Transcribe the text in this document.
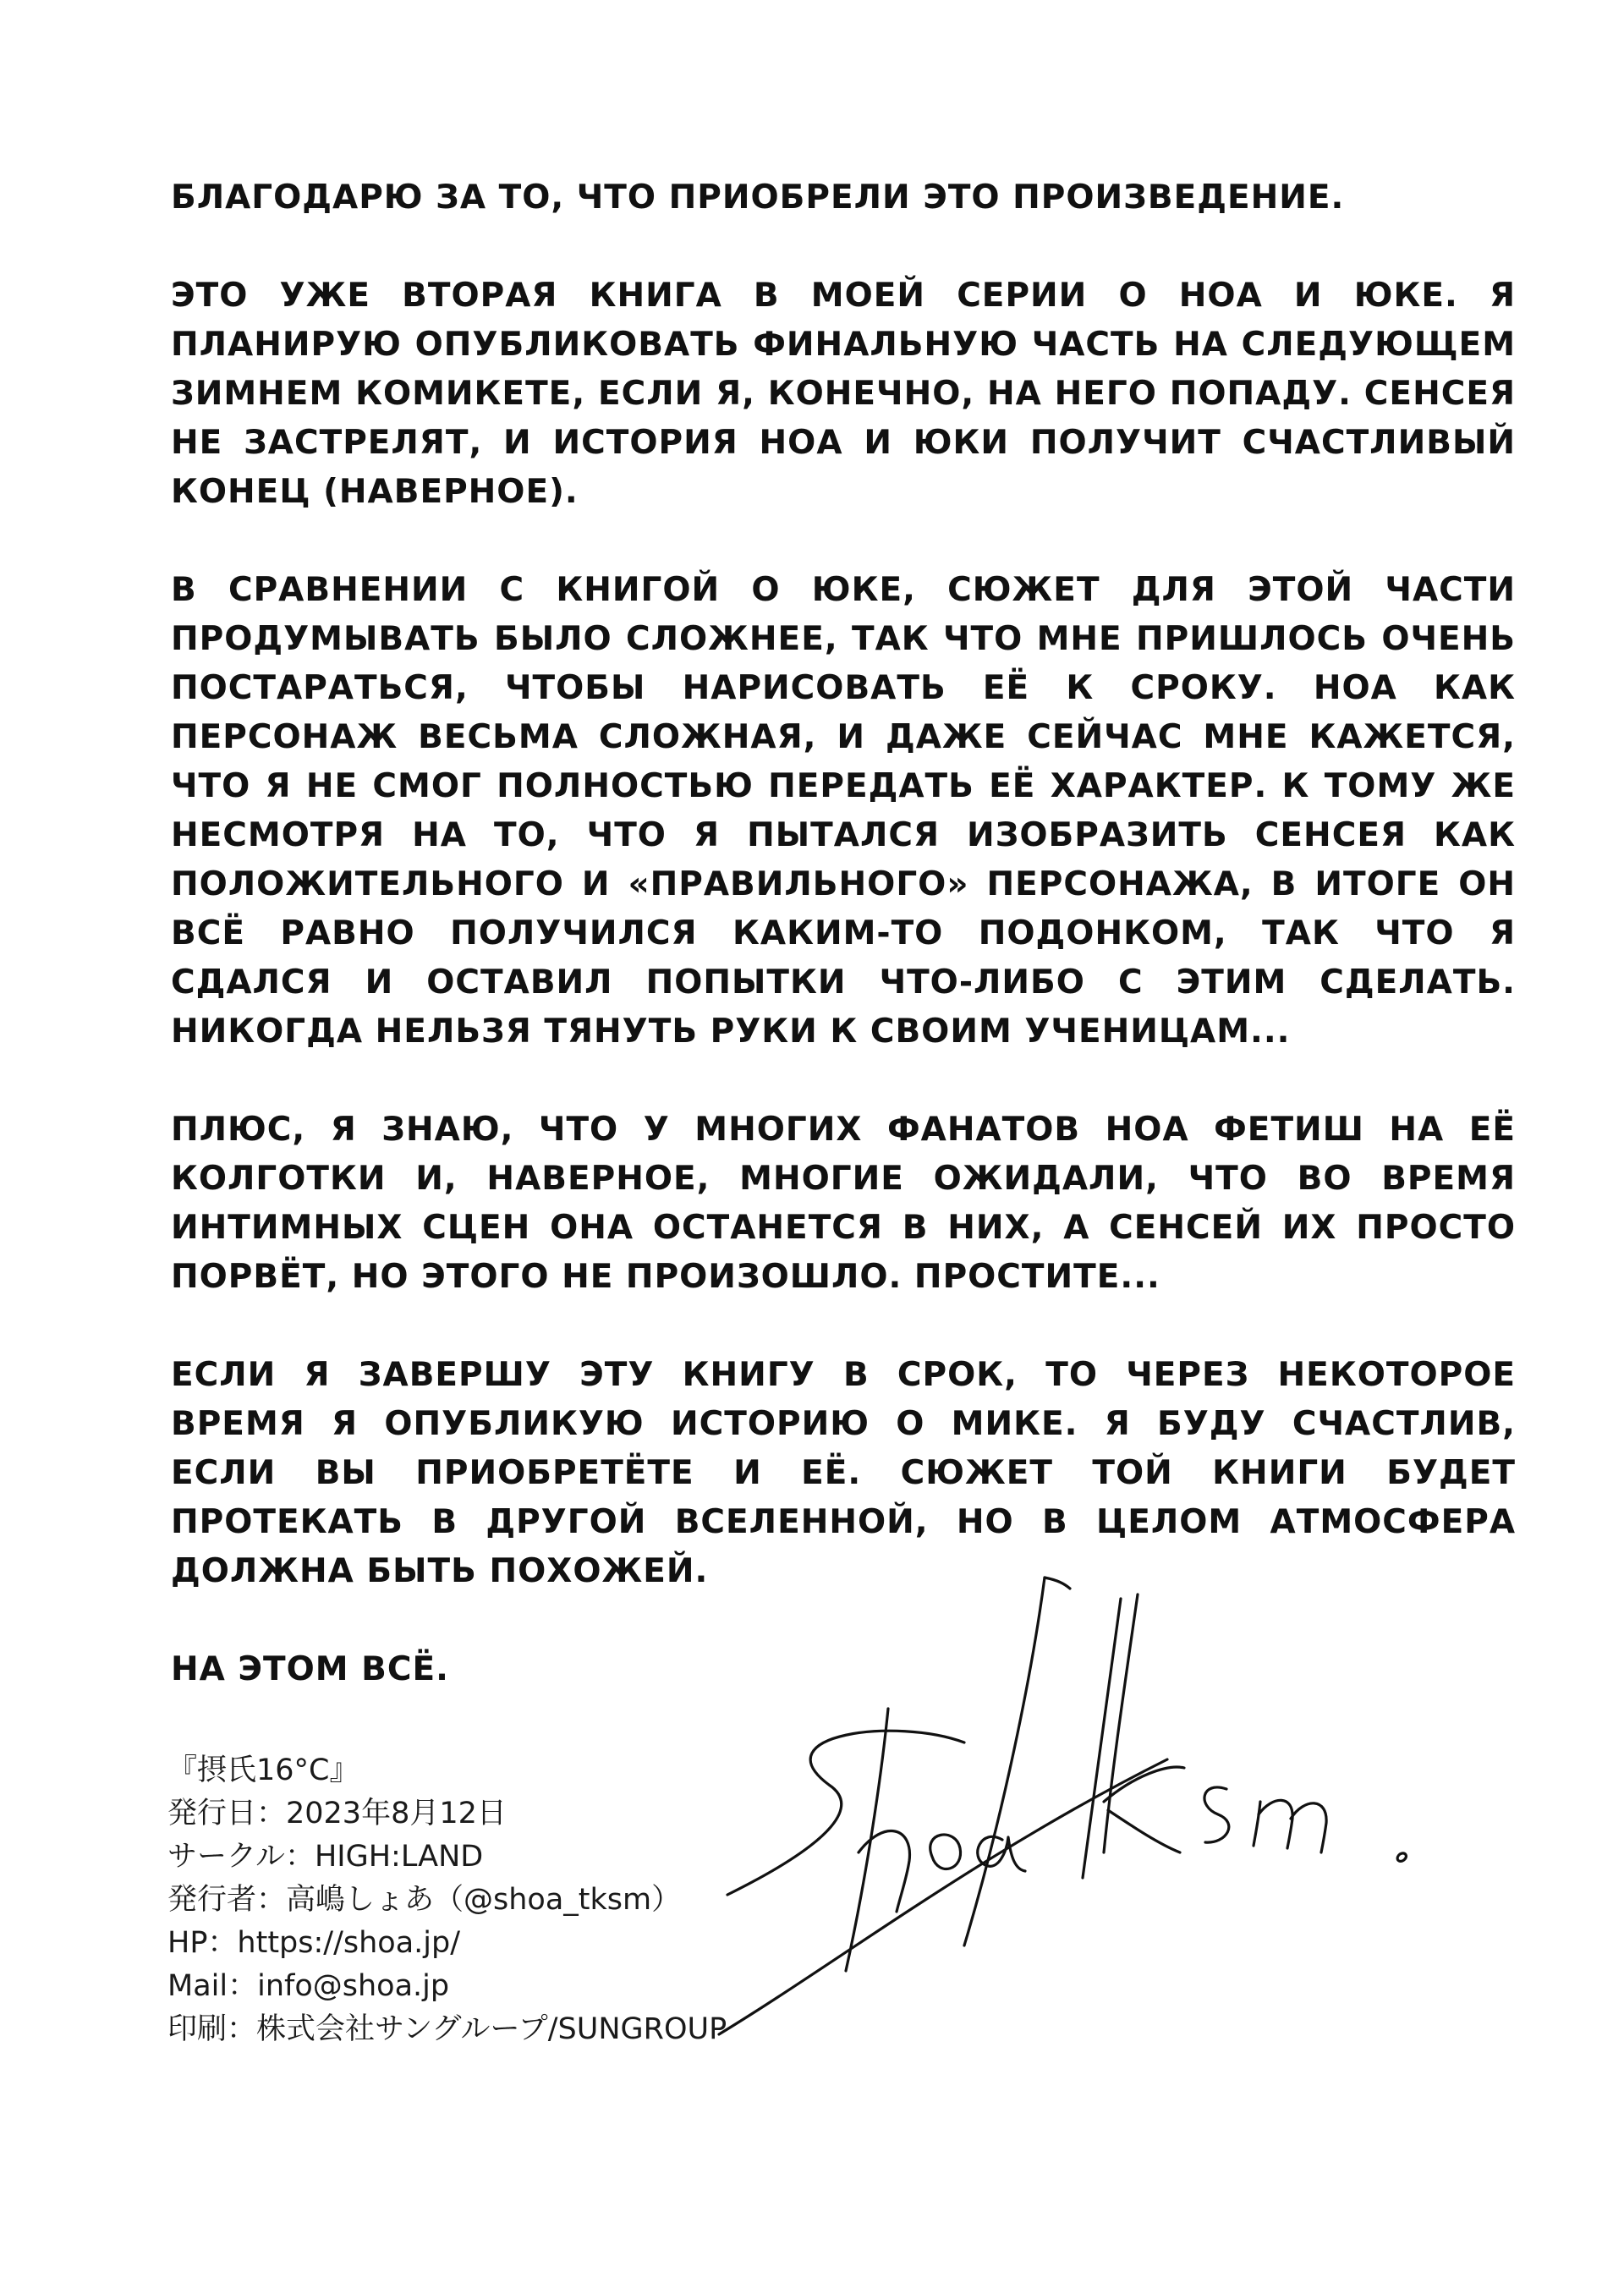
БЛАГОДАРЮ ЗА ТО, ЧТО ПРИОБРЕЛИ ЭТО ПРОИЗВЕДЕНИЕ.

ЭТО УЖЕ ВТОРАЯ КНИГА В МОЕЙ СЕРИИ О НОА И ЮКЕ. Я ПЛАНИРУЮ ОПУБЛИКОВАТЬ ФИНАЛЬНУЮ ЧАСТЬ НА СЛЕДУЮЩЕМ ЗИМНЕМ КОМИКЕТЕ, ЕСЛИ Я, КОНЕЧНО, НА НЕГО ПОПАДУ. СЕНСЕЯ НЕ ЗАСТРЕЛЯТ, И ИСТОРИЯ НОА И ЮКИ ПОЛУЧИТ СЧАСТЛИВЫЙ КОНЕЦ (НАВЕРНОЕ).

В СРАВНЕНИИ С КНИГОЙ О ЮКЕ, СЮЖЕТ ДЛЯ ЭТОЙ ЧАСТИ ПРОДУМЫВАТЬ БЫЛО СЛОЖНЕЕ, ТАК ЧТО МНЕ ПРИШЛОСЬ ОЧЕНЬ ПОСТАРАТЬСЯ, ЧТОБЫ НАРИСОВАТЬ ЕЁ К СРОКУ. НОА КАК ПЕРСОНАЖ ВЕСЬМА СЛОЖНАЯ, И ДАЖЕ СЕЙЧАС МНЕ КАЖЕТСЯ, ЧТО Я НЕ СМОГ ПОЛНОСТЬЮ ПЕРЕДАТЬ ЕЁ ХАРАКТЕР. К ТОМУ ЖЕ НЕСМОТРЯ НА ТО, ЧТО Я ПЫТАЛСЯ ИЗОБРАЗИТЬ СЕНСЕЯ КАК ПОЛОЖИТЕЛЬНОГО И «ПРАВИЛЬНОГО» ПЕРСОНАЖА, В ИТОГЕ ОН ВСЁ РАВНО ПОЛУЧИЛСЯ КАКИМ-ТО ПОДОНКОМ, ТАК ЧТО Я СДАЛСЯ И ОСТАВИЛ ПОПЫТКИ ЧТО-ЛИБО С ЭТИМ СДЕЛАТЬ. НИКОГДА НЕЛЬЗЯ ТЯНУТЬ РУКИ К СВОИМ УЧЕНИЦАМ...

ПЛЮС, Я ЗНАЮ, ЧТО У МНОГИХ ФАНАТОВ НОА ФЕТИШ НА ЕЁ КОЛГОТКИ И, НАВЕРНОЕ, МНОГИЕ ОЖИДАЛИ, ЧТО ВО ВРЕМЯ ИНТИМНЫХ СЦЕН ОНА ОСТАНЕТСЯ В НИХ, А СЕНСЕЙ ИХ ПРОСТО ПОРВЁТ, НО ЭТОГО НЕ ПРОИЗОШЛО. ПРОСТИТЕ...

ЕСЛИ Я ЗАВЕРШУ ЭТУ КНИГУ В СРОК, ТО ЧЕРЕЗ НЕКОТОРОЕ ВРЕМЯ Я ОПУБЛИКУЮ ИСТОРИЮ О МИКЕ. Я БУДУ СЧАСТЛИВ, ЕСЛИ ВЫ ПРИОБРЕТЁТЕ И ЕЁ. СЮЖЕТ ТОЙ КНИГИ БУДЕТ ПРОТЕКАТЬ В ДРУГОЙ ВСЕЛЕННОЙ, НО В ЦЕЛОМ АТМОСФЕРА ДОЛЖНА БЫТЬ ПОХОЖЕЙ.

НА ЭТОМ ВСЁ.

『摂氏16°C』
発行日：2023年8月12日
サークル：HIGH:LAND
発行者：高嶋しょあ（@shoa_tksm）
HP：https://shoa.jp/
Mail：info@shoa.jp
印刷：株式会社サングループ/SUNGROUP
